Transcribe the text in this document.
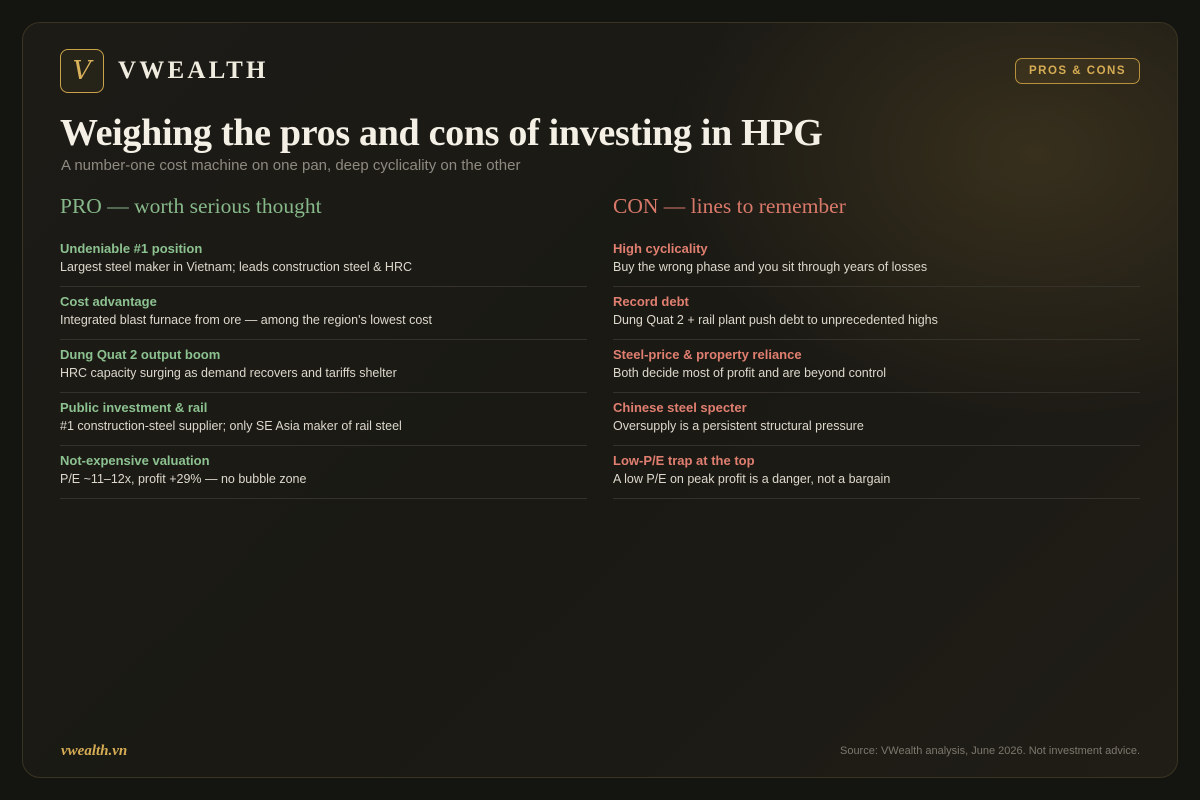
V	VWEALTH	PROS & CONS
Weighing the pros and cons of investing in HPG
A number-one cost machine on one pan, deep cyclicality on the other
PRO — worth serious thought
Undeniable #1 position
Largest steel maker in Vietnam; leads construction steel & HRC
Cost advantage
Integrated blast furnace from ore — among the region's lowest cost
Dung Quat 2 output boom
HRC capacity surging as demand recovers and tariffs shelter
Public investment & rail
#1 construction-steel supplier; only SE Asia maker of rail steel
Not-expensive valuation
P/E ~11–12x, profit +29% — no bubble zone
CON — lines to remember
High cyclicality
Buy the wrong phase and you sit through years of losses
Record debt
Dung Quat 2 + rail plant push debt to unprecedented highs
Steel-price & property reliance
Both decide most of profit and are beyond control
Chinese steel specter
Oversupply is a persistent structural pressure
Low-P/E trap at the top
A low P/E on peak profit is a danger, not a bargain
vwealth.vn	Source: VWealth analysis, June 2026. Not investment advice.
